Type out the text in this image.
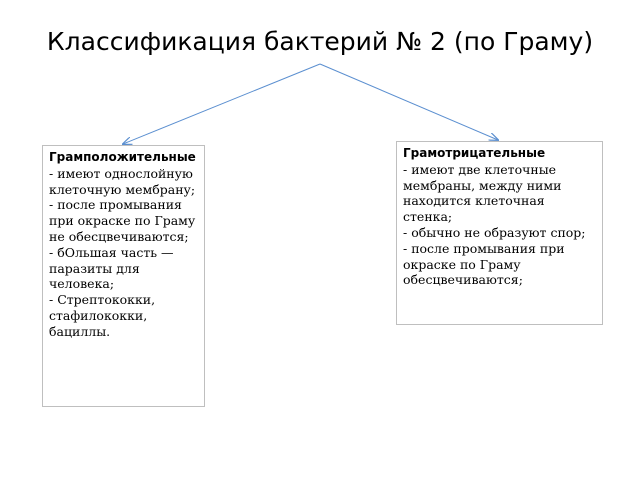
Классификация бактерий № 2 (по Граму)
Грамположительные
- имеют однослойную клеточную мембрану;
- после промывания при окраске по Граму не обесцвечиваются;
- бОльшая часть — паразиты для человека;
- Стрептококки, стафилококки, бациллы.
Грамотрицательные
- имеют две клеточные мембраны, между ними находится клеточная стенка;
- обычно не образуют спор;
- после промывания при окраске по Граму обесцвечиваются;
